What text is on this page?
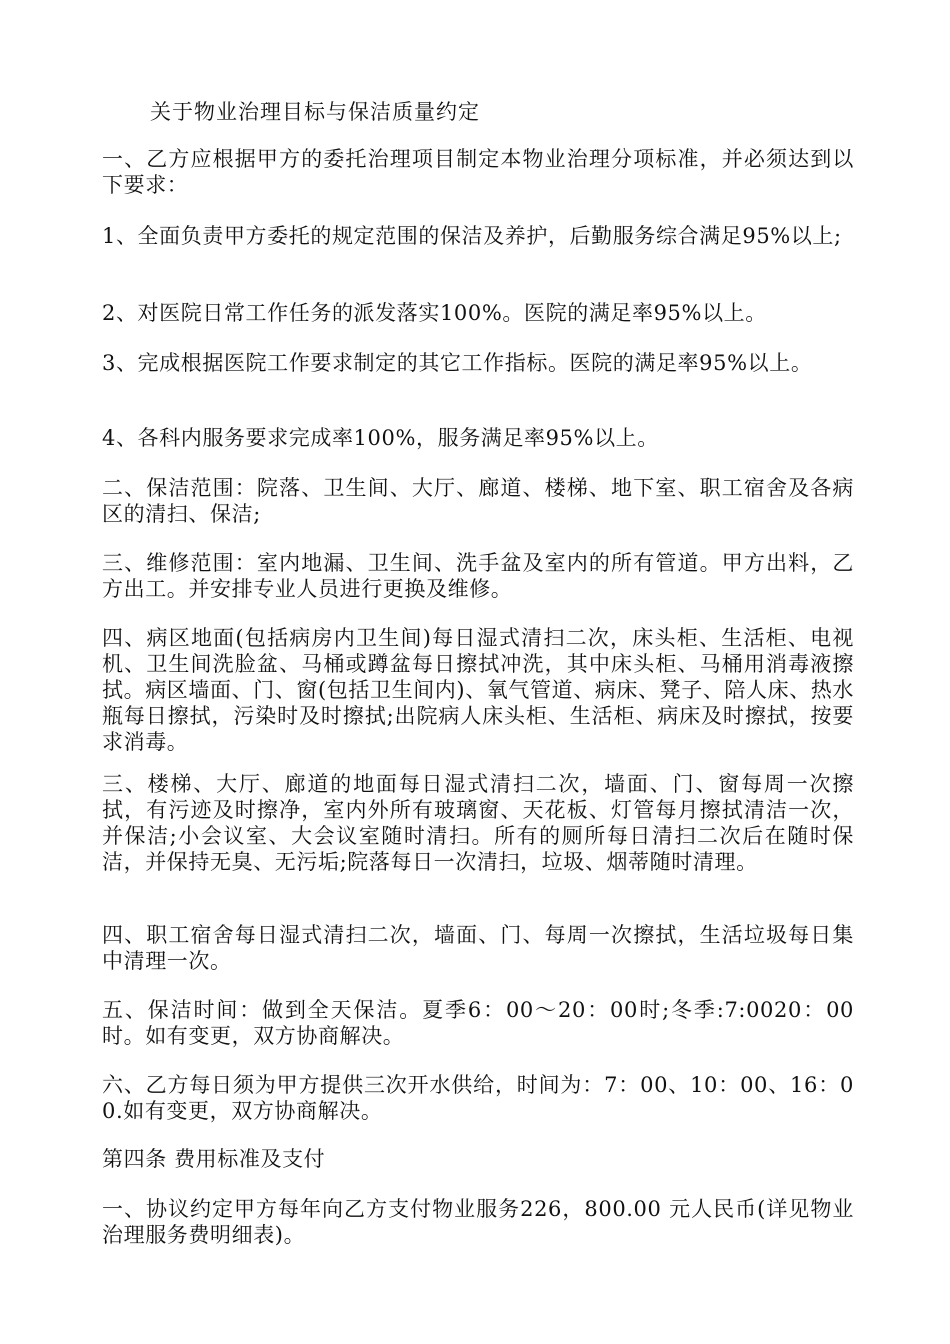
关于物业治理目标与保洁质量约定

一、乙方应根据甲方的委托治理项目制定本物业治理分项标准，并必须达到以下要求：

1、全面负责甲方委托的规定范围的保洁及养护，后勤服务综合满足95%以上;

2、对医院日常工作任务的派发落实100%。医院的满足率95%以上。

3、完成根据医院工作要求制定的其它工作指标。医院的满足率95%以上。

4、各科内服务要求完成率100%，服务满足率95%以上。

二、保洁范围：院落、卫生间、大厅、廊道、楼梯、地下室、职工宿舍及各病区的清扫、保洁;

三、维修范围：室内地漏、卫生间、洗手盆及室内的所有管道。甲方出料，乙方出工。并安排专业人员进行更换及维修。

四、病区地面(包括病房内卫生间)每日湿式清扫二次，床头柜、生活柜、电视机、卫生间洗脸盆、马桶或蹲盆每日擦拭冲洗，其中床头柜、马桶用消毒液擦拭。病区墙面、门、窗(包括卫生间内)、氧气管道、病床、凳子、陪人床、热水瓶每日擦拭，污染时及时擦拭;出院病人床头柜、生活柜、病床及时擦拭，按要求消毒。

三、楼梯、大厅、廊道的地面每日湿式清扫二次，墙面、门、窗每周一次擦拭，有污迹及时擦净，室内外所有玻璃窗、天花板、灯管每月擦拭清洁一次，并保洁;小会议室、大会议室随时清扫。所有的厕所每日清扫二次后在随时保洁，并保持无臭、无污垢;院落每日一次清扫，垃圾、烟蒂随时清理。

四、职工宿舍每日湿式清扫二次，墙面、门、每周一次擦拭，生活垃圾每日集中清理一次。

五、保洁时间：做到全天保洁。夏季6：00～20：00时;冬季:7:0020：00时。如有变更，双方协商解决。

六、乙方每日须为甲方提供三次开水供给，时间为：7：00、10：00、16：00.如有变更，双方协商解决。

第四条 费用标准及支付

一、协议约定甲方每年向乙方支付物业服务226，800.00 元人民币(详见物业治理服务费明细表)。
